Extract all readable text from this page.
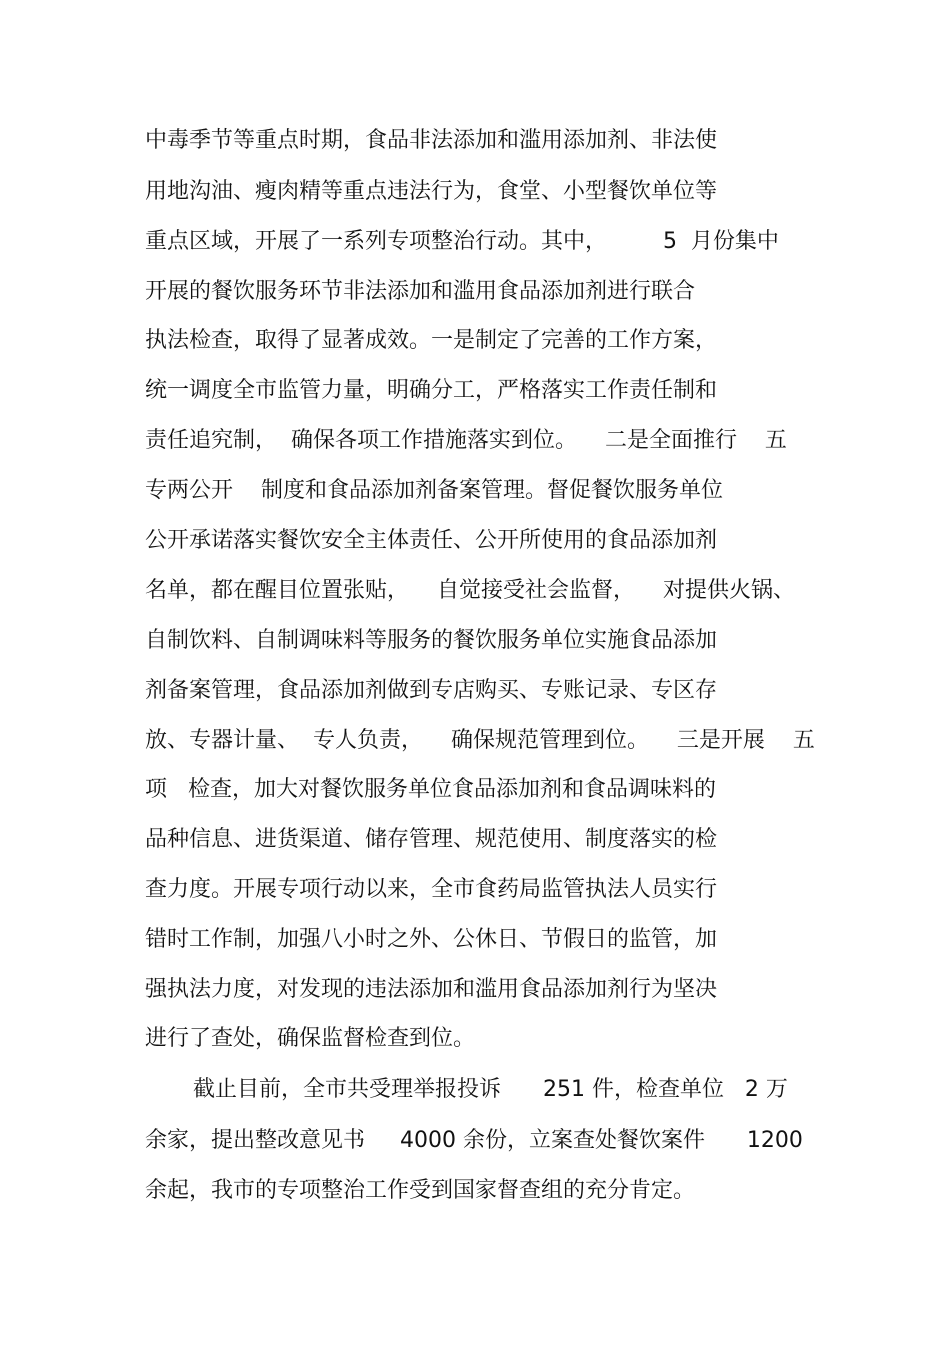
中毒季节等重点时期，食品非法添加和滥用添加剂、非法使
用地沟油、瘦肉精等重点违法行为，食堂、小型餐饮单位等
重点区域，开展了一系列专项整治行动。其中，        5  月份集中
开展的餐饮服务环节非法添加和滥用食品添加剂进行联合
执法检查，取得了显著成效。一是制定了完善的工作方案，
统一调度全市监管力量，明确分工，严格落实工作责任制和
责任追究制，  确保各项工作措施落实到位。    二是全面推行    五
专两公开    制度和食品添加剂备案管理。督促餐饮服务单位
公开承诺落实餐饮安全主体责任、公开所使用的食品添加剂
名单，都在醒目位置张贴，    自觉接受社会监督，    对提供火锅、
自制饮料、自制调味料等服务的餐饮服务单位实施食品添加
剂备案管理，食品添加剂做到专店购买、专账记录、专区存
放、专器计量、  专人负责，    确保规范管理到位。    三是开展    五
项   检查，加大对餐饮服务单位食品添加剂和食品调味料的
品种信息、进货渠道、储存管理、规范使用、制度落实的检
查力度。开展专项行动以来，全市食药局监管执法人员实行
错时工作制，加强八小时之外、公休日、节假日的监管，加
强执法力度，对发现的违法添加和滥用食品添加剂行为坚决
进行了查处，确保监督检查到位。
截止目前，全市共受理举报投诉      251 件，检查单位   2 万
余家，提出整改意见书     4000 余份，立案查处餐饮案件      1200
余起，我市的专项整治工作受到国家督查组的充分肯定。
